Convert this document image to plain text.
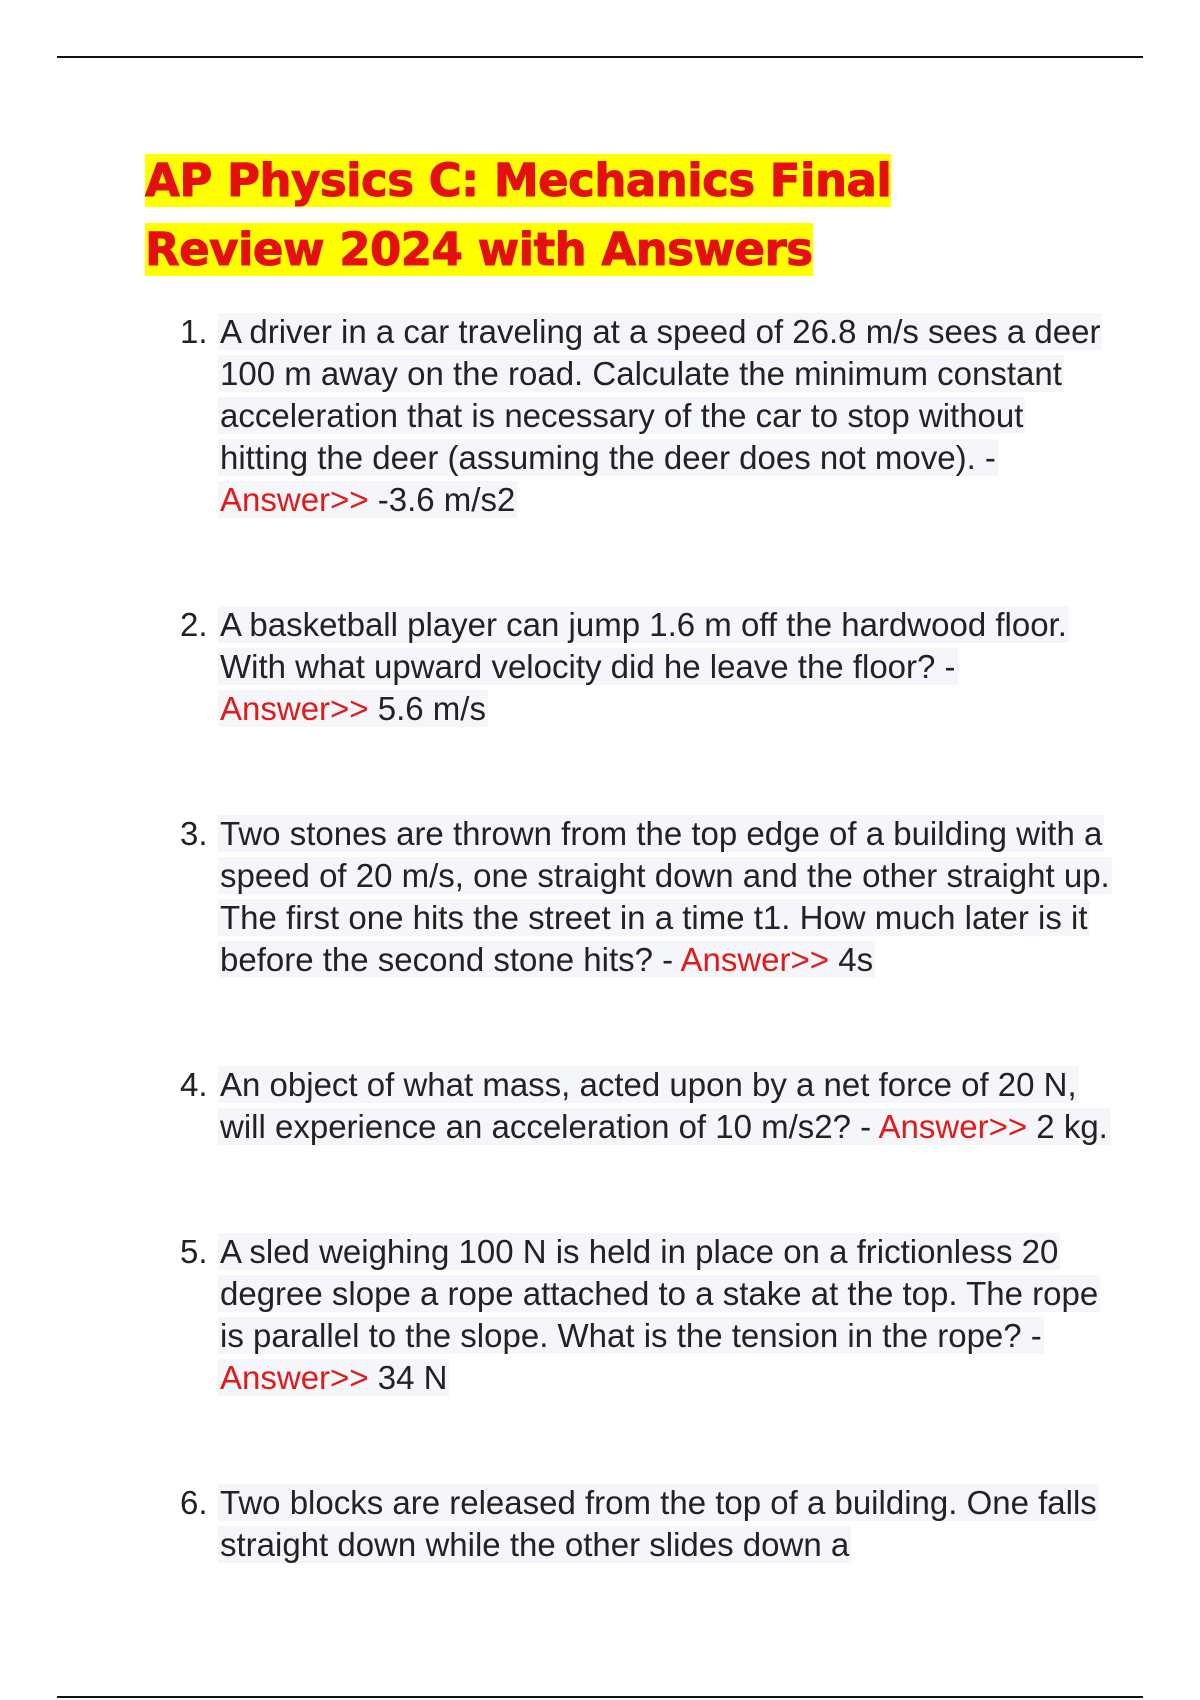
AP Physics C: Mechanics Final
Review 2024 with Answers
1. A driver in a car traveling at a speed of 26.8 m/s sees a deer 100 m away on the road. Calculate the minimum constant acceleration that is necessary of the car to stop without hitting the deer (assuming the deer does not move). - Answer>> -3.6 m/s2
2. A basketball player can jump 1.6 m off the hardwood floor. With what upward velocity did he leave the floor? - Answer>> 5.6 m/s
3. Two stones are thrown from the top edge of a building with a speed of 20 m/s, one straight down and the other straight up. The first one hits the street in a time t1. How much later is it before the second stone hits? - Answer>> 4s
4. An object of what mass, acted upon by a net force of 20 N, will experience an acceleration of 10 m/s2? - Answer>> 2 kg.
5. A sled weighing 100 N is held in place on a frictionless 20 degree slope a rope attached to a stake at the top. The rope is parallel to the slope. What is the tension in the rope? - Answer>> 34 N
6. Two blocks are released from the top of a building. One falls straight down while the other slides down a
